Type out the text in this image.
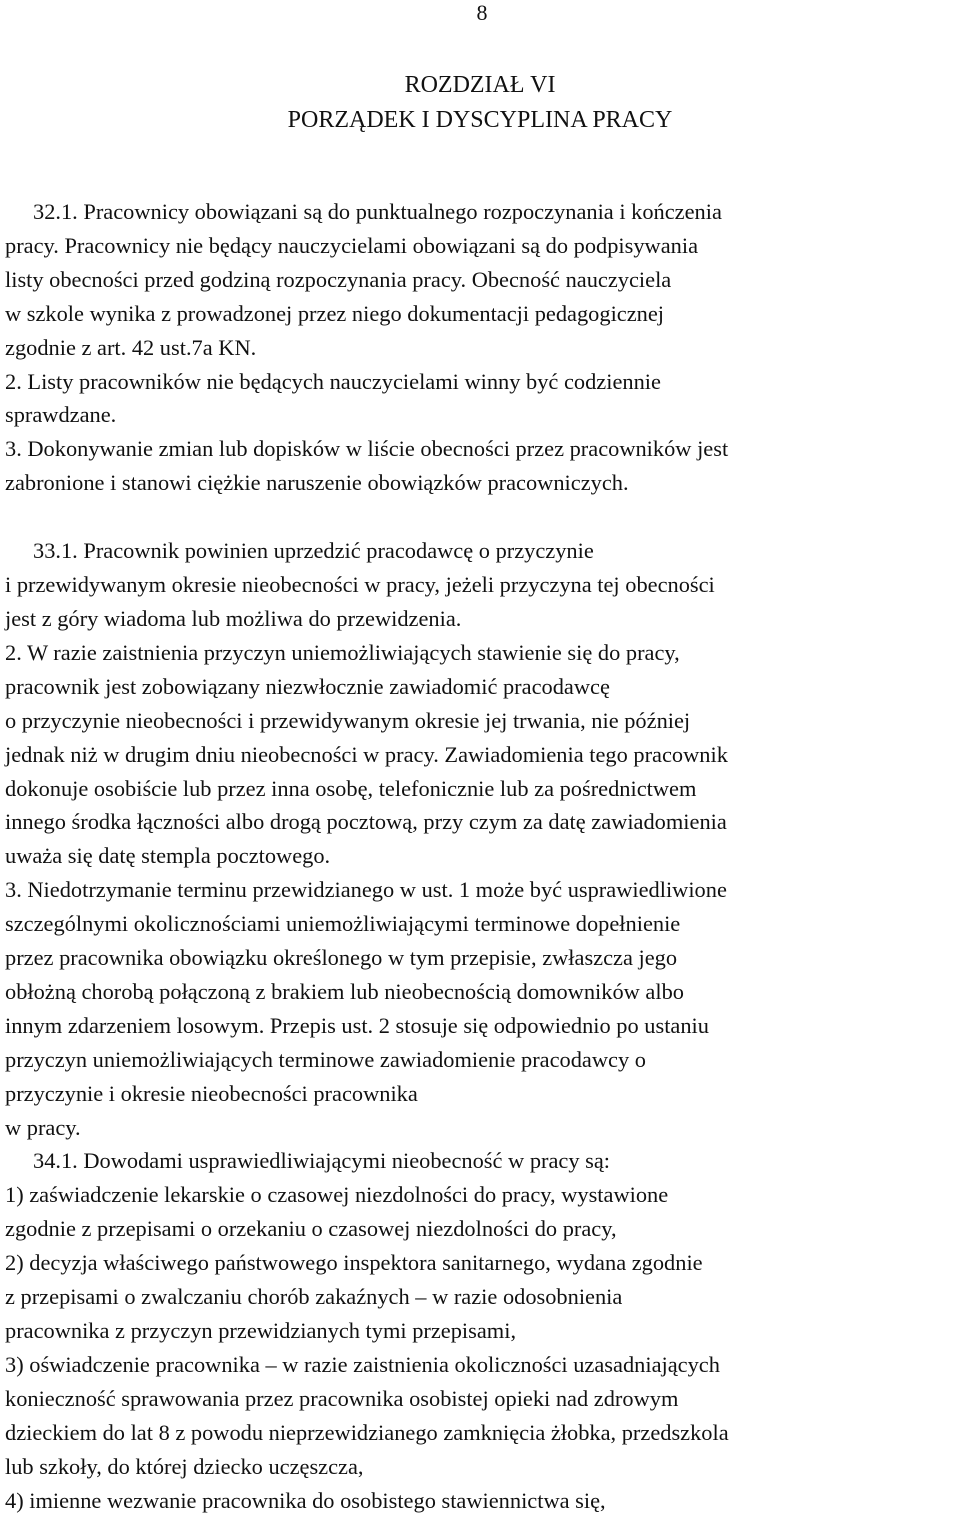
8
ROZDZIAŁ VI
PORZĄDEK I DYSCYPLINA PRACY
32.1. Pracownicy obowiązani są do punktualnego rozpoczynania i kończenia
pracy. Pracownicy nie będący nauczycielami obowiązani są do podpisywania
listy obecności przed godziną rozpoczynania pracy. Obecność nauczyciela
w szkole wynika z prowadzonej przez niego dokumentacji pedagogicznej
zgodnie z art. 42 ust.7a KN.
2. Listy pracowników nie będących nauczycielami winny być codziennie
sprawdzane.
3. Dokonywanie zmian lub dopisków w liście obecności przez pracowników jest
zabronione i stanowi ciężkie naruszenie obowiązków pracowniczych.
33.1. Pracownik powinien uprzedzić pracodawcę o przyczynie
i przewidywanym okresie nieobecności w pracy, jeżeli przyczyna tej obecności
jest z góry wiadoma lub możliwa do przewidzenia.
2. W razie zaistnienia przyczyn uniemożliwiających stawienie się do pracy,
pracownik jest zobowiązany niezwłocznie zawiadomić pracodawcę
o przyczynie nieobecności i przewidywanym okresie jej trwania, nie później
jednak niż w drugim dniu nieobecności w pracy. Zawiadomienia tego pracownik
dokonuje osobiście lub przez inna osobę, telefonicznie lub za pośrednictwem
innego środka łączności albo drogą pocztową, przy czym za datę zawiadomienia
uważa się datę stempla pocztowego.
3. Niedotrzymanie terminu przewidzianego w ust. 1 może być usprawiedliwione
szczególnymi okolicznościami uniemożliwiającymi terminowe dopełnienie
przez pracownika obowiązku określonego w tym przepisie, zwłaszcza jego
obłożną chorobą połączoną z brakiem lub nieobecnością domowników albo
innym zdarzeniem losowym. Przepis ust. 2 stosuje się odpowiednio po ustaniu
przyczyn uniemożliwiających terminowe zawiadomienie pracodawcy o
przyczynie i okresie nieobecności pracownika
w pracy.
34.1. Dowodami usprawiedliwiającymi nieobecność w pracy są:
1) zaświadczenie lekarskie o czasowej niezdolności do pracy, wystawione
zgodnie z przepisami o orzekaniu o czasowej niezdolności do pracy,
2) decyzja właściwego państwowego inspektora sanitarnego, wydana zgodnie
z przepisami o zwalczaniu chorób zakaźnych – w razie odosobnienia
pracownika z przyczyn przewidzianych tymi przepisami,
3) oświadczenie pracownika – w razie zaistnienia okoliczności uzasadniających
konieczność sprawowania przez pracownika osobistej opieki nad zdrowym
dzieckiem do lat 8 z powodu nieprzewidzianego zamknięcia żłobka, przedszkola
lub szkoły, do której dziecko uczęszcza,
4) imienne wezwanie pracownika do osobistego stawiennictwa się,
